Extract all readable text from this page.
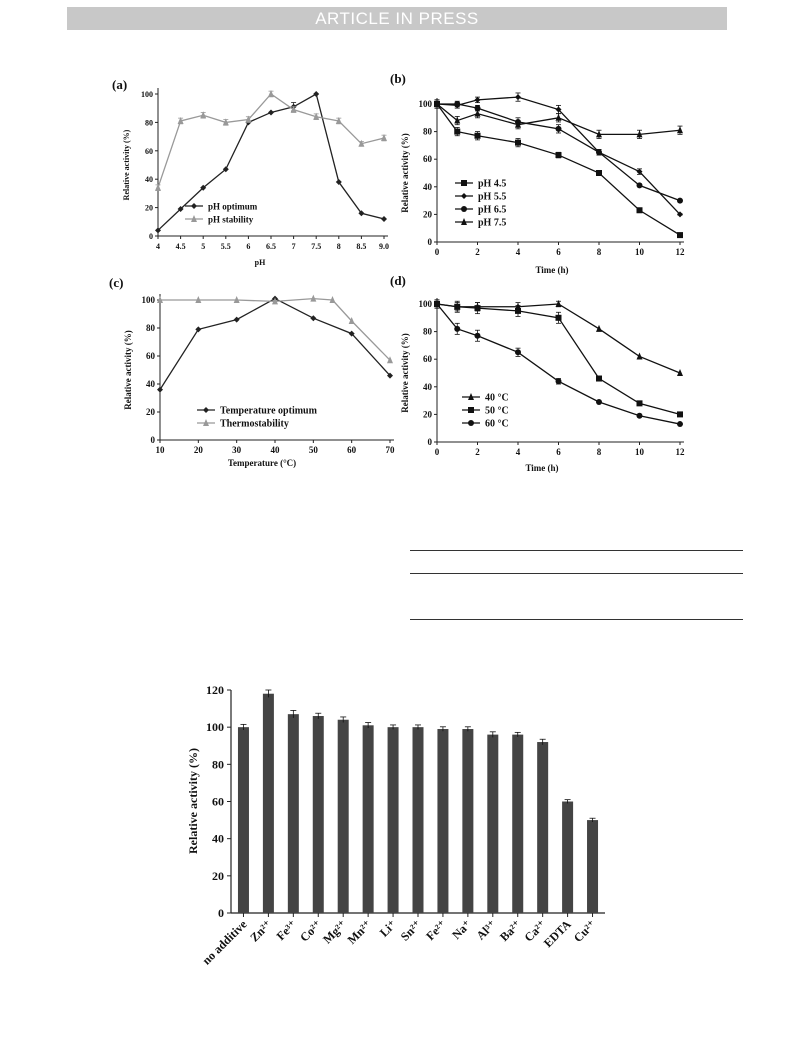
ARTICLE IN PRESS
0
20
40
60
80
100
4 4.5 5 5.5 6 6.5 7 7.5 8 8.5 9.0
(a)
pH
Relative activity (%)
pH optimum
pH stability
0
20
40
60
80
100
0	2	4	6	8	10	12
(b)
Time (h)
Relative activity (%)	pH 4.5
pH 5.5
pH 6.5
pH 7.5
0
20
40
60
80
100
10	20	30	40	50	60	70
(c)
Temperature (°C)
Relative activity (%)
Temperature optimum
Thermostability
0
20
40
60
80
100
0	2	4	6	8	10	12
(d)
Time (h)
Relative activity (%)	40 °C
50 °C
60 °C
0
20
40
60
80
100
120
Relative activity (%)
no additive
Zn²⁺ Fe³⁺
Co²⁺
Mg²⁺
Mn²⁺ Li⁺
Sn²⁺ Fe²⁺ Na⁺ Al³⁺
Ba²⁺
Ca²⁺
EDTA
Cu²⁺
